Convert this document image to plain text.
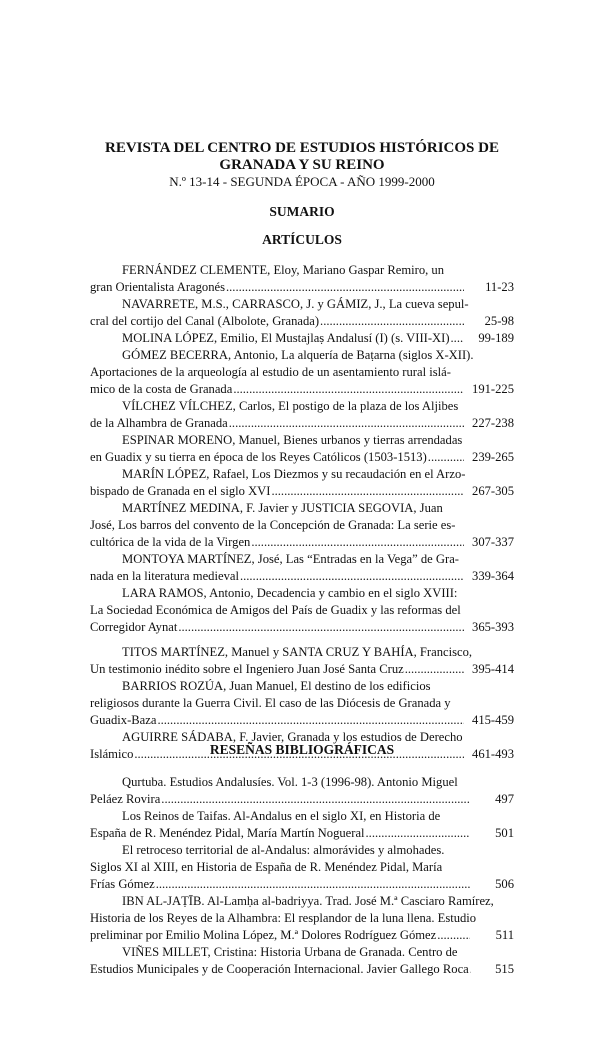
REVISTA DEL CENTRO DE ESTUDIOS HISTÓRICOS DE
GRANADA Y SU REINO
N.º 13-14 - SEGUNDA ÉPOCA - AÑO 1999-2000
SUMARIO
ARTÍCULOS
FERNÁNDEZ CLEMENTE, Eloy, Mariano Gaspar Remiro, un
gran Orientalista Aragonés .....	11-23
NAVARRETE, M.S., CARRASCO, J. y GÁMIZ, J., La cueva sepul-
cral del cortijo del Canal (Albolote, Granada) .....	25-98
MOLINA LÓPEZ, Emilio, El Mustajlaṣ Andalusí (I) (s. VIII-XI) .....	99-189
GÓMEZ BECERRA, Antonio, La alquería de Baṭarna (siglos X-XII).
Aportaciones de la arqueología al estudio de un asentamiento rural islá-
mico de la costa de Granada .....	191-225
VÍLCHEZ VÍLCHEZ, Carlos, El postigo de la plaza de los Aljibes
de la Alhambra de Granada .....	227-238
ESPINAR MORENO, Manuel, Bienes urbanos y tierras arrendadas
en Guadix y su tierra en época de los Reyes Católicos (1503-1513) .....	239-265
MARÍN LÓPEZ, Rafael, Los Diezmos y su recaudación en el Arzo-
bispado de Granada en el siglo XVI .....	267-305
MARTÍNEZ MEDINA, F. Javier y JUSTICIA SEGOVIA, Juan
José, Los barros del convento de la Concepción de Granada: La serie es-
cultórica de la vida de la Virgen .....	307-337
MONTOYA MARTÍNEZ, José, Las “Entradas en la Vega” de Gra-
nada en la literatura medieval .....	339-364
LARA RAMOS, Antonio, Decadencia y cambio en el siglo XVIII:
La Sociedad Económica de Amigos del País de Guadix y las reformas del
Corregidor Aynat .....	365-393
TITOS MARTÍNEZ, Manuel y SANTA CRUZ Y BAHÍA, Francisco,
Un testimonio inédito sobre el Ingeniero Juan José Santa Cruz .....	395-414
BARRIOS ROZÚA, Juan Manuel, El destino de los edificios
religiosos durante la Guerra Civil. El caso de las Diócesis de Granada y
Guadix-Baza .....	415-459
AGUIRRE SÁDABA, F. Javier, Granada y los estudios de Derecho
Islámico .....	461-493
RESEÑAS BIBLIOGRÁFICAS
Qurtuba. Estudios Andalusíes. Vol. 1-3 (1996-98). Antonio Miguel
Peláez Rovira .....	497
Los Reinos de Taifas. Al-Andalus en el siglo XI, en Historia de
España de R. Menéndez Pidal, María Martín Nogueral .....	501
El retroceso territorial de al-Andalus: almorávides y almohades.
Siglos XI al XIII, en Historia de España de R. Menéndez Pidal, María
Frías Gómez .....	506
IBN AL-JAṬĪB. Al-Lamḥa al-badriyya. Trad. José M.ª Casciaro Ramírez,
Historia de los Reyes de la Alhambra: El resplandor de la luna llena. Estudio
preliminar por Emilio Molina López, M.ª Dolores Rodríguez Gómez .....	511
VIÑES MILLET, Cristina: Historia Urbana de Granada. Centro de
Estudios Municipales y de Cooperación Internacional. Javier Gallego Roca .....	515
